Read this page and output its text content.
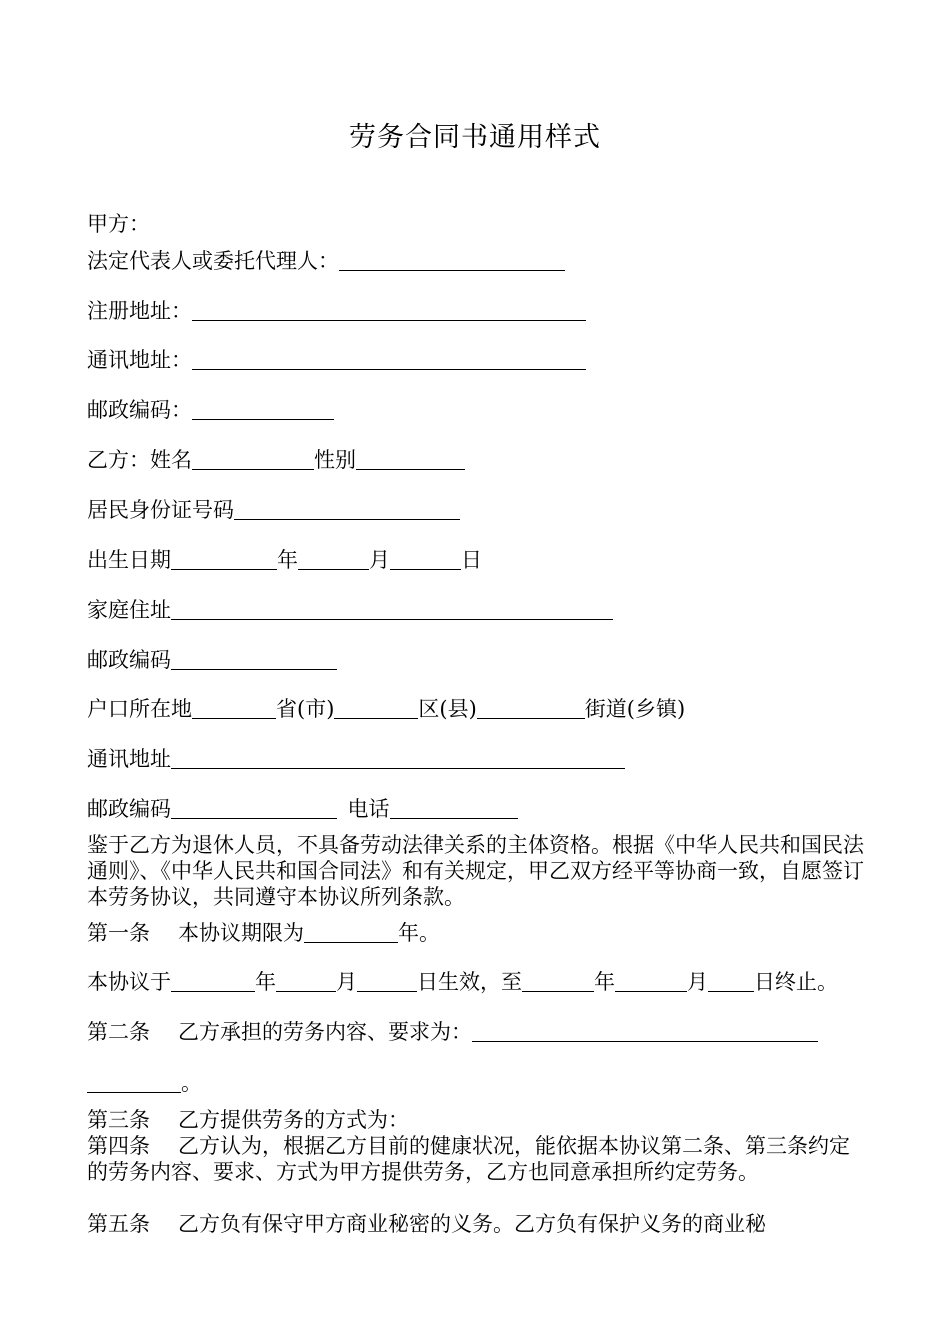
劳务合同书通用样式
甲方：
法定代表人或委托代理人：
注册地址：
通讯地址：
邮政编码：
乙方：姓名	性别
居民身份证号码
出生日期	年	月	日
家庭住址
邮政编码
户口所在地	省(市)	区(县)	街道(乡镇)
通讯地址
邮政编码 	电话
鉴于乙方为退休人员，不具备劳动法律关系的主体资格。根据《中华人民共和国民法通则》、《中华人民共和国合同法》和有关规定，甲乙双方经平等协商一致，自愿签订本劳务协议，共同遵守本协议所列条款。
第一条 本协议期限为	年。
本协议于	年	月	日生效，至	年	月 日终止。
第二条 乙方承担的劳务内容、要求为：
。
第三条 乙方提供劳务的方式为：
第四条 乙方认为，根据乙方目前的健康状况，能依据本协议第二条、第三条约定的劳务内容、要求、方式为甲方提供劳务，乙方也同意承担所约定劳务。
第五条 乙方负有保守甲方商业秘密的义务。乙方负有保护义务的商业秘
